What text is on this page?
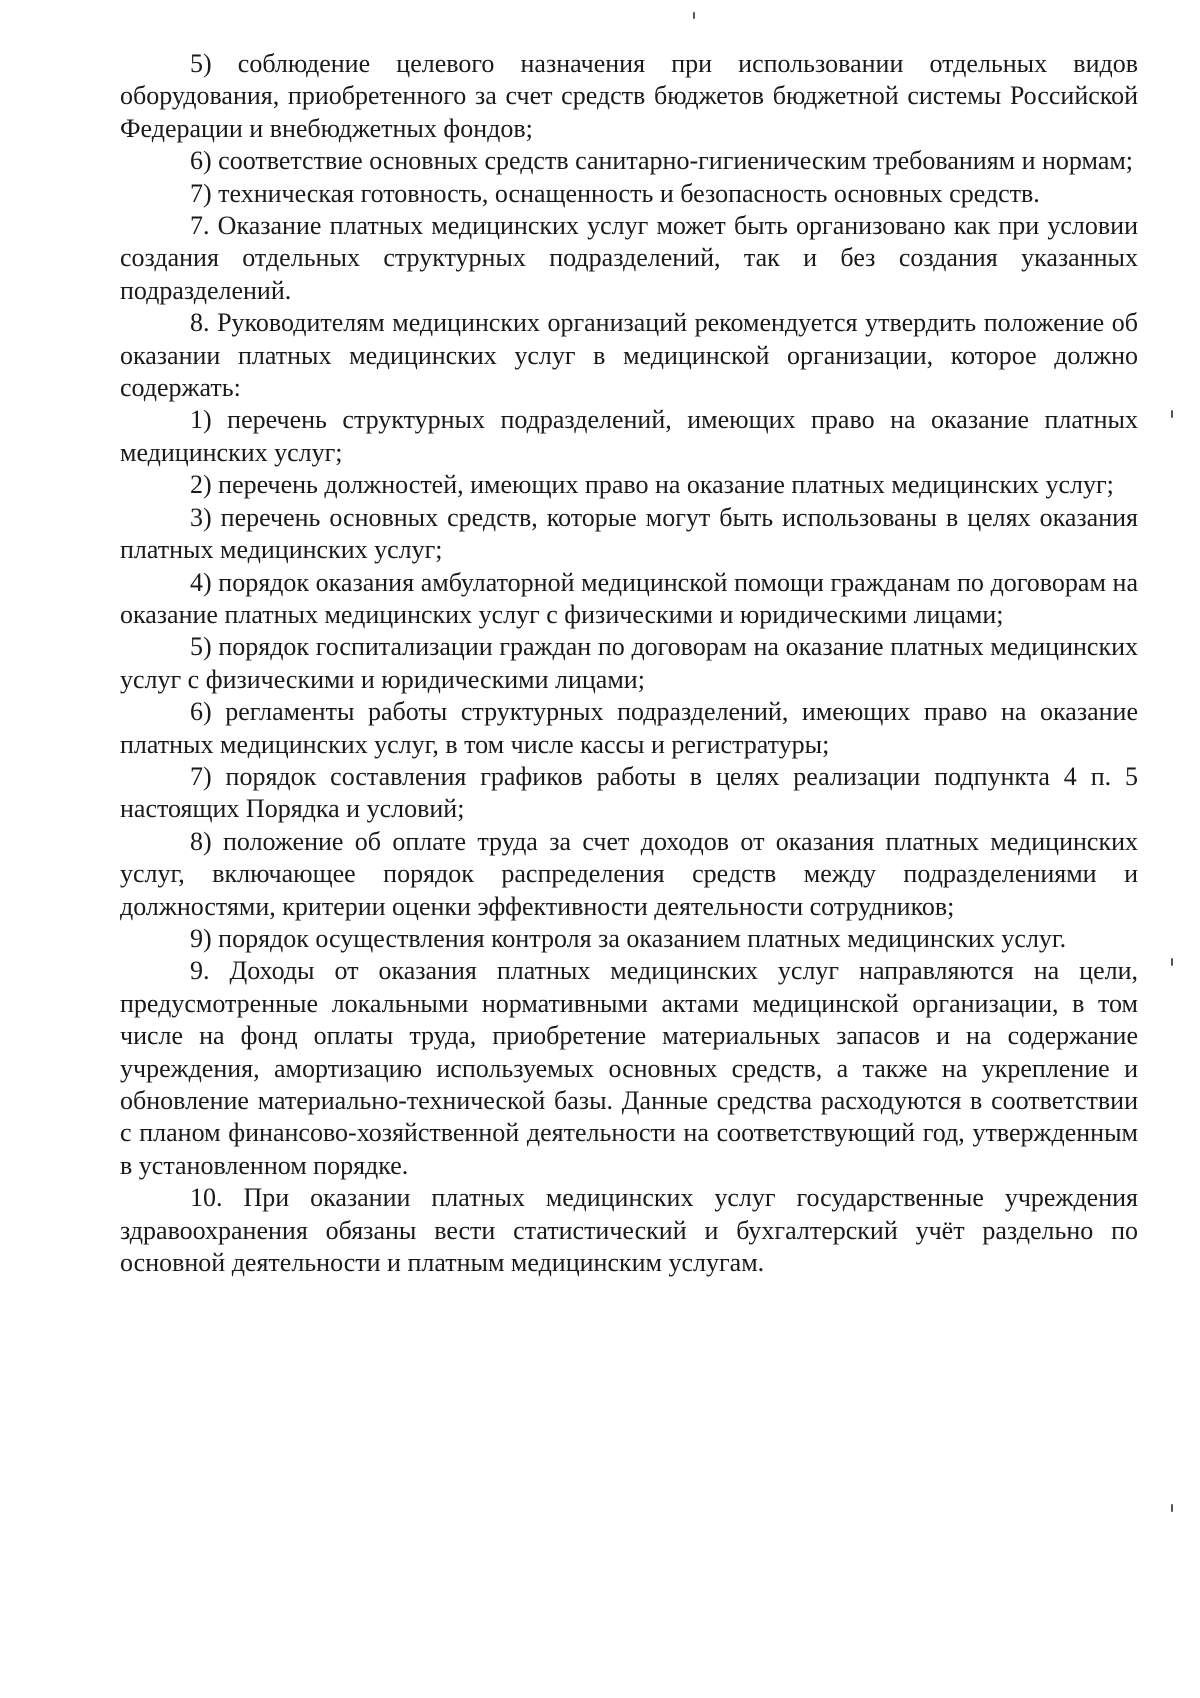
5) соблюдение целевого назначения при использовании отдельных видов оборудования, приобретенного за счет средств бюджетов бюджетной системы Российской Федерации и внебюджетных фондов;

6) соответствие основных средств санитарно-гигиеническим требованиям и нормам;

7) техническая готовность, оснащенность и безопасность основных средств.

7. Оказание платных медицинских услуг может быть организовано как при условии создания отдельных структурных подразделений, так и без создания указанных подразделений.

8. Руководителям медицинских организаций рекомендуется утвердить положение об оказании платных медицинских услуг в медицинской организации, которое должно содержать:

1) перечень структурных подразделений, имеющих право на оказание платных медицинских услуг;

2) перечень должностей, имеющих право на оказание платных медицинских услуг;

3) перечень основных средств, которые могут быть использованы в целях оказания платных медицинских услуг;

4) порядок оказания амбулаторной медицинской помощи гражданам по договорам на оказание платных медицинских услуг с физическими и юридическими лицами;

5) порядок госпитализации граждан по договорам на оказание платных медицинских услуг с физическими и юридическими лицами;

6) регламенты работы структурных подразделений, имеющих право на оказание платных медицинских услуг, в том числе кассы и регистратуры;

7) порядок составления графиков работы в целях реализации подпункта 4 п. 5 настоящих Порядка и условий;

8) положение об оплате труда за счет доходов от оказания платных медицинских услуг, включающее порядок распределения средств между подразделениями и должностями, критерии оценки эффективности деятельности сотрудников;

9) порядок осуществления контроля за оказанием платных медицинских услуг.

9. Доходы от оказания платных медицинских услуг направляются на цели, предусмотренные локальными нормативными актами медицинской организации, в том числе на фонд оплаты труда, приобретение материальных запасов и на содержание учреждения, амортизацию используемых основных средств, а также на укрепление и обновление материально-технической базы. Данные средства расходуются в соответствии с планом финансово-хозяйственной деятельности на соответствующий год, утвержденным в установленном порядке.

10. При оказании платных медицинских услуг государственные учреждения здравоохранения обязаны вести статистический и бухгалтерский учёт раздельно по основной деятельности и платным медицинским услугам.
